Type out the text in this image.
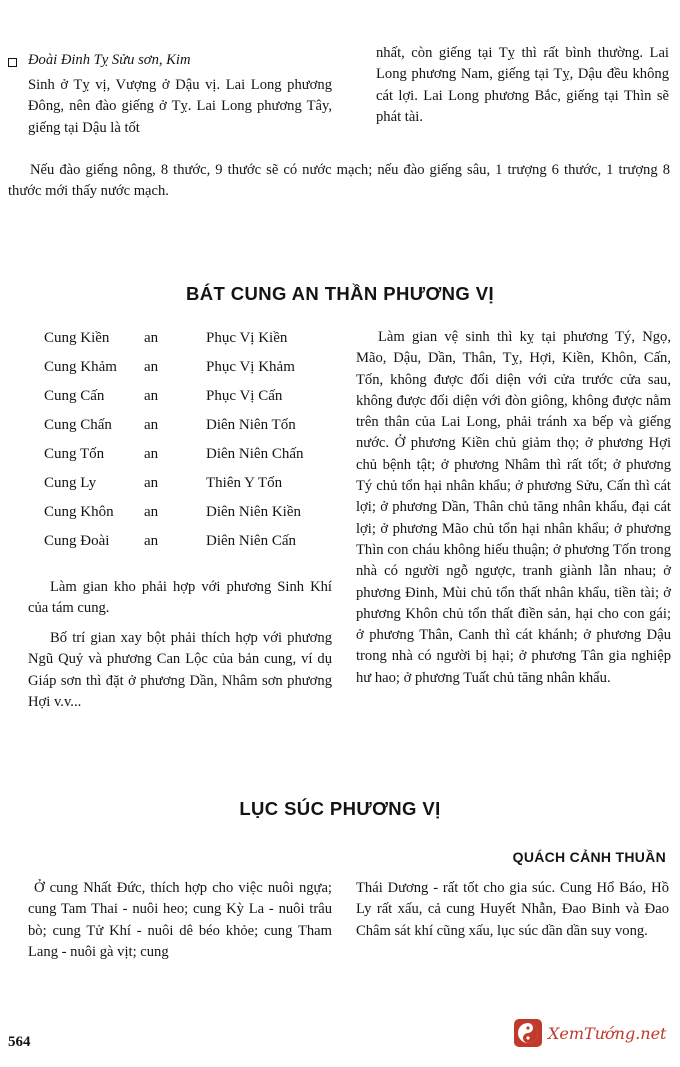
Đoài Đinh Tỵ Sửu sơn, Kim

Sinh ở Tỵ vị, Vượng ở Dậu vị. Lai Long phương Đông, nên đào giếng ở Tỵ. Lai Long phương Tây, giếng tại Dậu là tốt

nhất, còn giếng tại Tỵ thì rất bình thường. Lai Long phương Nam, giếng tại Tỵ, Dậu đều không cát lợi. Lai Long phương Bắc, giếng tại Thìn sẽ phát tài.

Nếu đào giếng nông, 8 thước, 9 thước sẽ có nước mạch; nếu đào giếng sâu, 1 trượng 6 thước, 1 trượng 8 thước mới thấy nước mạch.

BÁT CUNG AN THẦN PHƯƠNG VỊ
Cung Kiền	an	Phục Vị Kiền
Cung Khảm	an	Phục Vị Khảm
Cung Cấn	an	Phục Vị Cấn
Cung Chấn	an	Diên Niên Tốn
Cung Tốn	an	Diên Niên Chấn
Cung Ly	an	Thiên Y Tốn
Cung Khôn	an	Diên Niên Kiền
Cung Đoài	an	Diên Niên Cấn

Làm gian kho phải hợp với phương Sinh Khí của tám cung.

Bố trí gian xay bột phải thích hợp với phương Ngũ Quỷ và phương Can Lộc của bản cung, ví dụ Giáp sơn thì đặt ở phương Dần, Nhâm sơn phương Hợi v.v...

Làm gian vệ sinh thì kỵ tại phương Tý, Ngọ, Mão, Dậu, Dần, Thân, Tỵ, Hợi, Kiền, Khôn, Cấn, Tốn, không được đối diện với cửa trước cửa sau, không được đối diện với đòn giông, không được nằm trên thân của Lai Long, phải tránh xa bếp và giếng nước. Ở phương Kiền chủ giảm thọ; ở phương Hợi chủ bệnh tật; ở phương Nhâm thì rất tốt; ở phương Tý chủ tổn hại nhân khẩu; ở phương Sửu, Cấn thì cát lợi; ở phương Dần, Thân chủ tăng nhân khẩu, đại cát lợi; ở phương Mão chủ tổn hại nhân khẩu; ở phương Thìn con cháu không hiếu thuận; ở phương Tốn trong nhà có người ngỗ ngược, tranh giành lẫn nhau; ở phương Đinh, Mùi chủ tổn thất nhân khẩu, tiền tài; ở phương Khôn chủ tổn thất điền sản, hại cho con gái; ở phương Thân, Canh thì cát khánh; ở phương Dậu trong nhà có người bị hại; ở phương Tân gia nghiệp hư hao; ở phương Tuất chủ tăng nhân khẩu.

LỤC SÚC PHƯƠNG VỊ
QUÁCH CẢNH THUẦN

Ở cung Nhất Đức, thích hợp cho việc nuôi ngựa; cung Tam Thai - nuôi heo; cung Kỳ La - nuôi trâu bò; cung Tử Khí - nuôi dê béo khỏe; cung Tham Lang - nuôi gà vịt; cung

Thái Dương - rất tốt cho gia súc. Cung Hổ Báo, Hồ Ly rất xấu, cả cung Huyết Nhẫn, Đao Binh và Đao Châm sát khí cũng xấu, lục súc dần dần suy vong.

564	XemTướng.net
